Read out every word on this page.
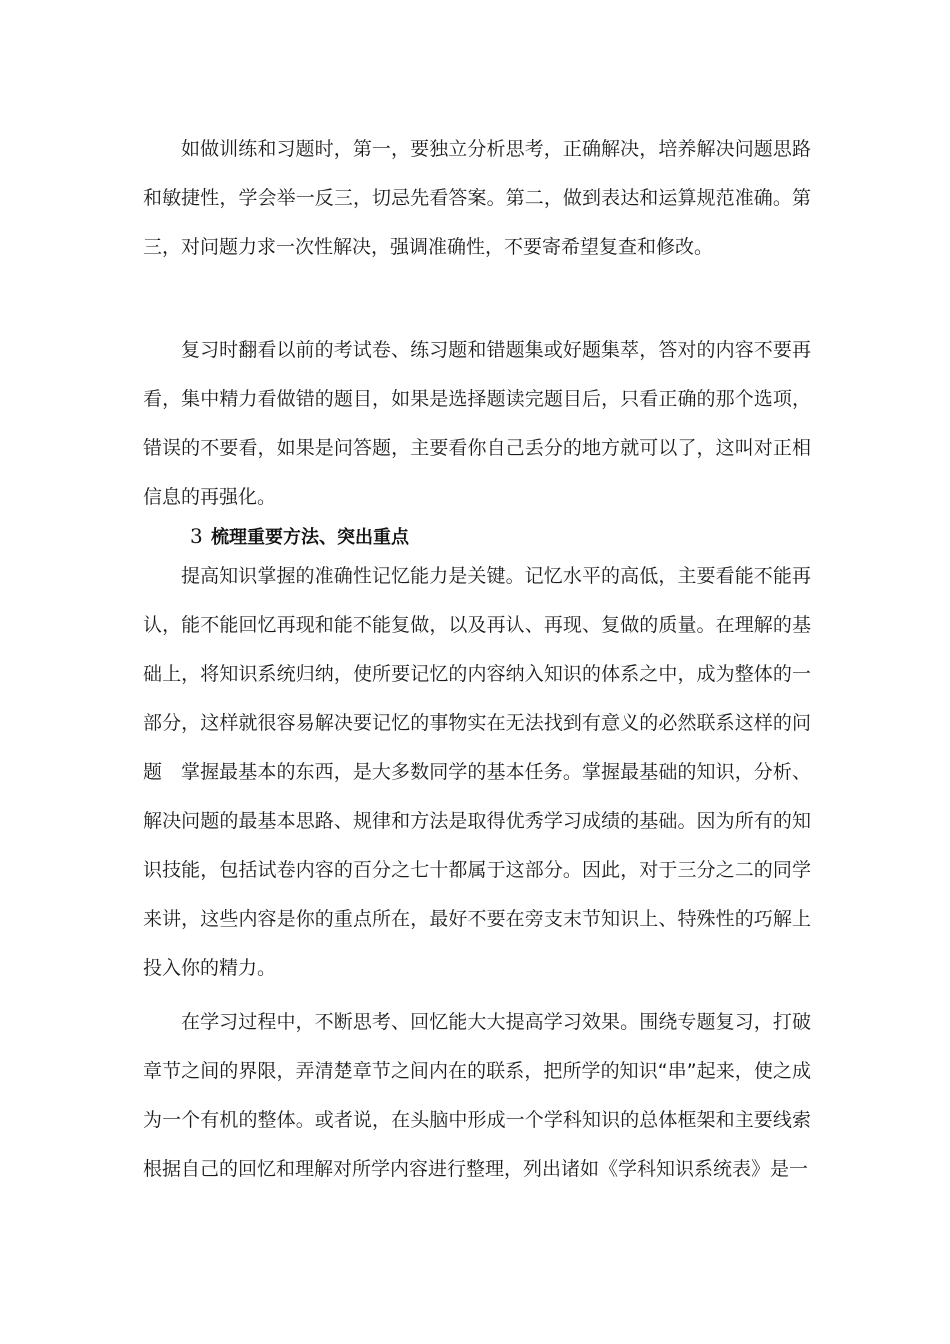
如做训练和习题时，第一，要独立分析思考，正确解决，培养解决问题思路和敏捷性，学会举一反三，切忌先看答案。第二，做到表达和运算规范准确。第三，对问题力求一次性解决，强调准确性，不要寄希望复查和修改。

复习时翻看以前的考试卷、练习题和错题集或好题集萃，答对的内容不要再看，集中精力看做错的题目，如果是选择题读完题目后，只看正确的那个选项，错误的不要看，如果是问答题，主要看你自己丢分的地方就可以了，这叫对正相信息的再强化。

3 梳理重要方法、突出重点

提高知识掌握的准确性记忆能力是关键。记忆水平的高低，主要看能不能再认，能不能回忆再现和能不能复做，以及再认、再现、复做的质量。在理解的基础上，将知识系统归纳，使所要记忆的内容纳入知识的体系之中，成为整体的一部分，这样就很容易解决要记忆的事物实在无法找到有意义的必然联系这样的问题 掌握最基本的东西，是大多数同学的基本任务。掌握最基础的知识，分析、解决问题的最基本思路、规律和方法是取得优秀学习成绩的基础。因为所有的知识技能，包括试卷内容的百分之七十都属于这部分。因此，对于三分之二的同学来讲，这些内容是你的重点所在，最好不要在旁支末节知识上、特殊性的巧解上投入你的精力。

在学习过程中，不断思考、回忆能大大提高学习效果。围绕专题复习，打破章节之间的界限，弄清楚章节之间内在的联系，把所学的知识“串”起来，使之成为一个有机的整体。或者说，在头脑中形成一个学科知识的总体框架和主要线索根据自己的回忆和理解对所学内容进行整理，列出诸如《学科知识系统表》是一
